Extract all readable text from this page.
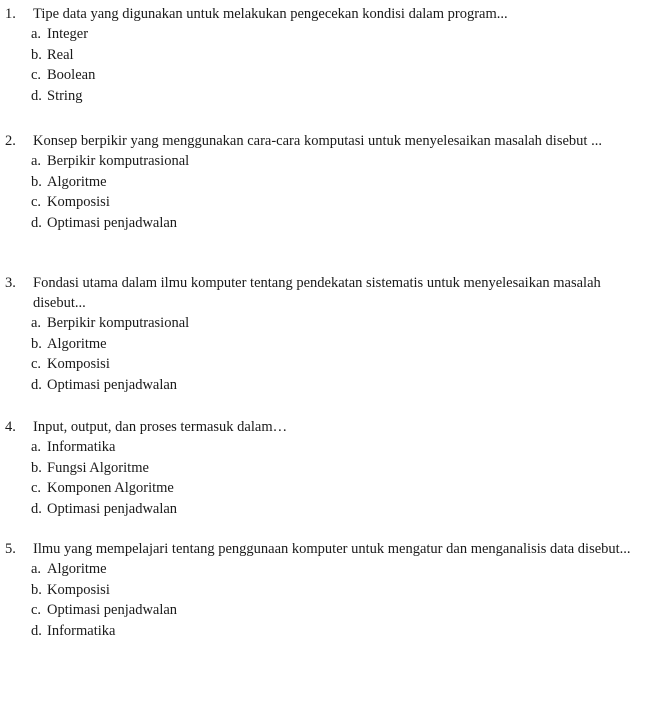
1.	Tipe data yang digunakan untuk melakukan pengecekan kondisi dalam program...
a. Integer
b. Real
c. Boolean
d. String
2.	Konsep berpikir yang menggunakan cara-cara komputasi untuk menyelesaikan masalah disebut ...
a. Berpikir komputrasional
b. Algoritme
c. Komposisi
d. Optimasi penjadwalan
3.	Fondasi utama dalam ilmu komputer tentang pendekatan sistematis untuk menyelesaikan masalah disebut...
a. Berpikir komputrasional
b. Algoritme
c. Komposisi
d. Optimasi penjadwalan
4.	Input, output, dan proses termasuk dalam…
a. Informatika
b. Fungsi Algoritme
c. Komponen Algoritme
d. Optimasi penjadwalan
5.	Ilmu yang mempelajari tentang penggunaan komputer untuk mengatur dan menganalisis data disebut...
a. Algoritme
b. Komposisi
c. Optimasi penjadwalan
d. Informatika
